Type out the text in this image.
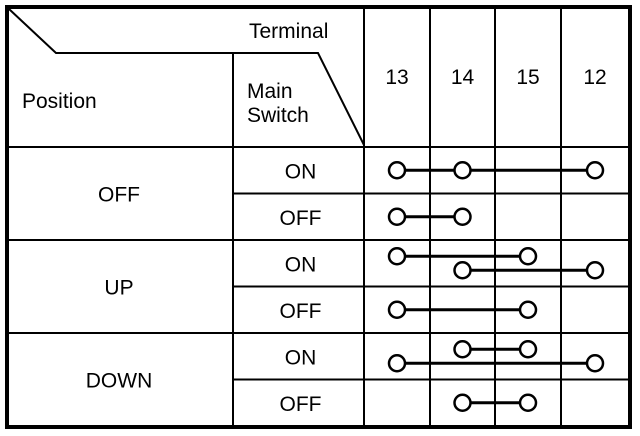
Terminal
Position	Main
Switch
13 14 15 12
OFF
ON
OFF
UP
ON
OFF
DOWN
ON
OFF
